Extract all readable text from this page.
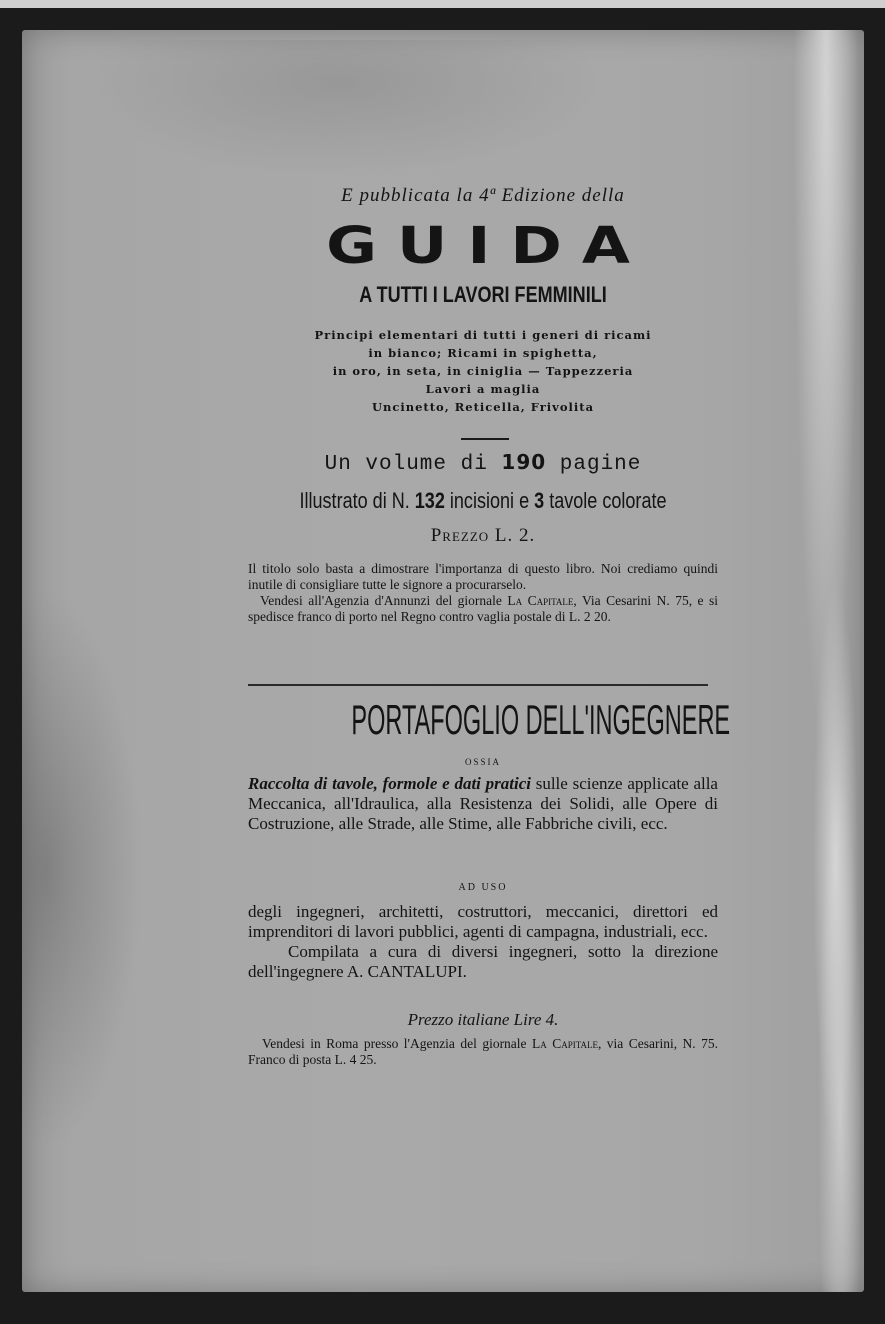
E pubblicata la 4ª Edizione della
GUIDA
A TUTTI I LAVORI FEMMINILI
Principi elementari di tutti i generi di ricami
in bianco; Ricami in spighetta,
in oro, in seta, in ciniglia — Tappezzeria
Lavori a maglia
Uncinetto, Reticella, Frivolita
Un volume di 190 pagine
Illustrato di N. 132 incisioni e 3 tavole colorate
Prezzo L. 2.

Il titolo solo basta a dimostrare l'importanza di questo libro. Noi crediamo quindi inutile di consigliare tutte le signore a procurarselo.

Vendesi all'Agenzia d'Annunzi del giornale La Capitale, Via Cesarini N. 75, e si spedisce franco di porto nel Regno contro vaglia postale di L. 2 20.

PORTAFOGLIO DELL'INGEGNERE
OSSIA

Raccolta di tavole, formole e dati pratici sulle scienze applicate alla Meccanica, all'Idraulica, alla Resistenza dei Solidi, alle Opere di Costruzione, alle Strade, alle Stime, alle Fabbriche civili, ecc.

AD USO

degli ingegneri, architetti, costruttori, meccanici, direttori ed imprenditori di lavori pubblici, agenti di campagna, industriali, ecc.

Compilata a cura di diversi ingegneri, sotto la direzione dell'ingegnere A. CANTALUPI.

Prezzo italiane Lire 4.

Vendesi in Roma presso l'Agenzia del giornale La Capitale, via Cesarini, N. 75. Franco di posta L. 4 25.
